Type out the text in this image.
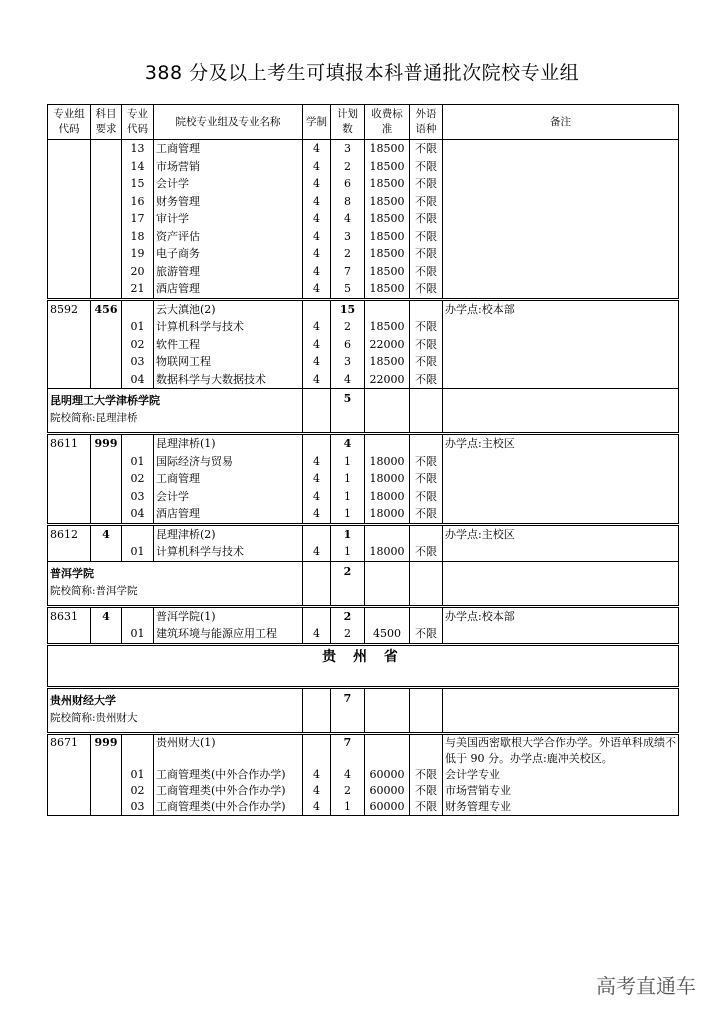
388 分及以上考生可填报本科普通批次院校专业组
专业组代码	科目要求	专业代码	院校专业组及专业名称	学制	计划数	收费标准	外语语种	备注
		13	工商管理	4	3	18500	不限	
		14	市场营销	4	2	18500	不限	
		15	会计学	4	6	18500	不限	
		16	财务管理	4	8	18500	不限	
		17	审计学	4	4	18500	不限	
		18	资产评估	4	3	18500	不限	
		19	电子商务	4	2	18500	不限	
		20	旅游管理	4	7	18500	不限	
		21	酒店管理	4	5	18500	不限	
8592	456		云大滇池(2)		15			办学点:校本部
		01	计算机科学与技术	4	2	18500	不限	
		02	软件工程	4	6	22000	不限	
		03	物联网工程	4	3	18500	不限	
		04	数据科学与大数据技术	4	4	22000	不限	

昆明理工大学津桥学院
院校简称:昆理津桥					5			
8611	999		昆理津桥(1)		4			办学点:主校区
		01	国际经济与贸易	4	1	18000	不限	
		02	工商管理	4	1	18000	不限	
		03	会计学	4	1	18000	不限	
		04	酒店管理	4	1	18000	不限	
8612	4		昆理津桥(2)		1			办学点:主校区
		01	计算机科学与技术	4	1	18000	不限	

普洱学院
院校简称:普洱学院					2			
8631	4		普洱学院(1)		2			办学点:校本部
		01	建筑环境与能源应用工程	4	2	4500	不限	
贵 州 省								

贵州财经大学
院校简称:贵州财大					7			
8671	999		贵州财大(1)		7			与美国西密歇根大学合作办学。外语单科成绩不低于 90 分。办学点:鹿冲关校区。
		01	工商管理类(中外合作办学)	4	4	60000	不限	会计学专业
		02	工商管理类(中外合作办学)	4	2	60000	不限	市场营销专业
		03	工商管理类(中外合作办学)	4	1	60000	不限	财务管理专业
高考直通车
